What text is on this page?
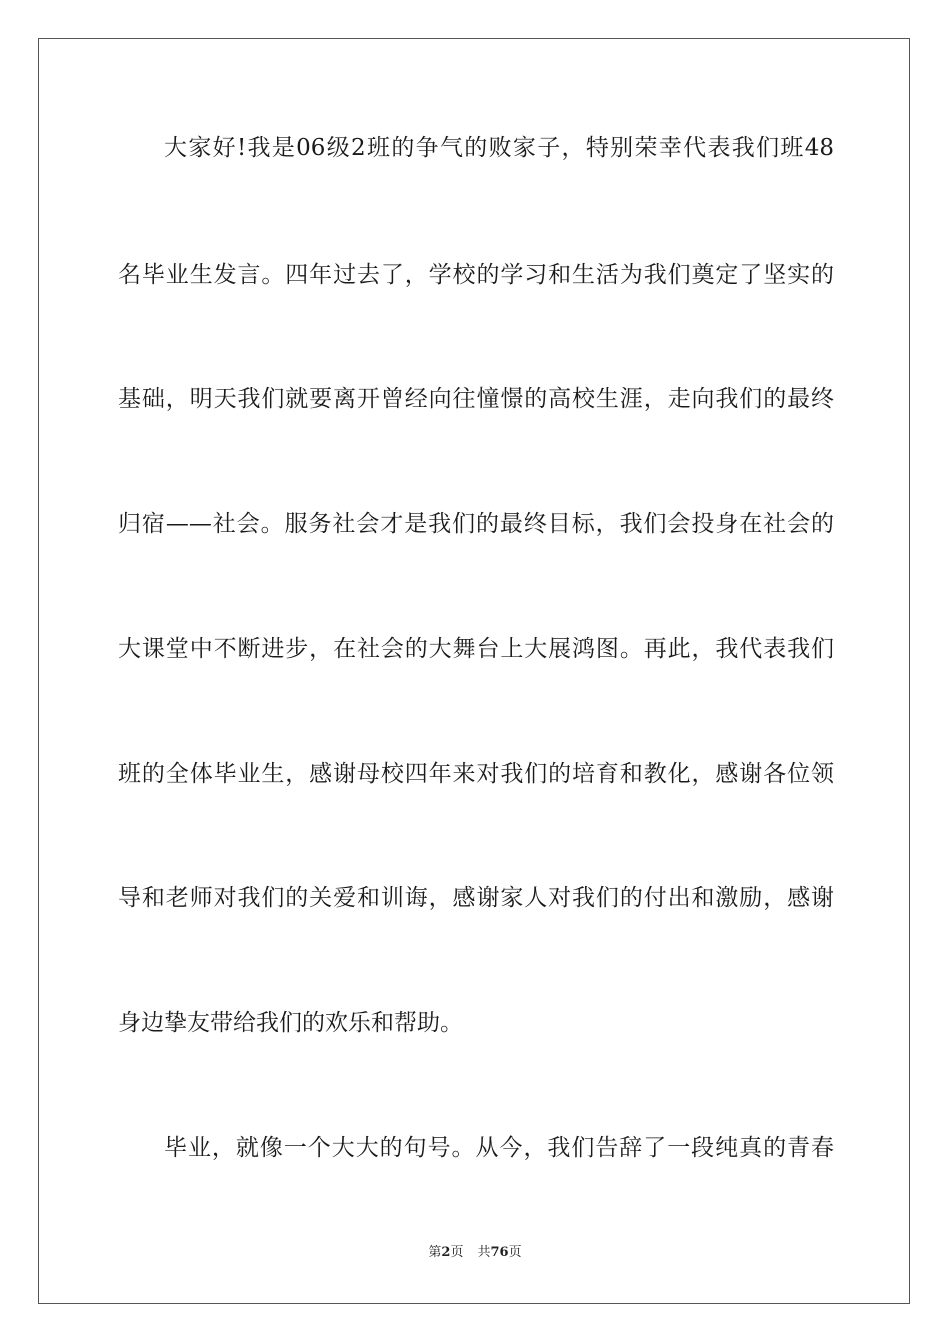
大家好!我是06级2班的争气的败家子，特别荣幸代表我们班48
名毕业生发言。四年过去了，学校的学习和生活为我们奠定了坚实的
基础，明天我们就要离开曾经向往憧憬的高校生涯，走向我们的最终
归宿——社会。服务社会才是我们的最终目标，我们会投身在社会的
大课堂中不断进步，在社会的大舞台上大展鸿图。再此，我代表我们
班的全体毕业生，感谢母校四年来对我们的培育和教化，感谢各位领
导和老师对我们的关爱和训诲，感谢家人对我们的付出和激励，感谢
身边挚友带给我们的欢乐和帮助。
毕业，就像一个大大的句号。从今，我们告辞了一段纯真的青春
第2页 共76页
